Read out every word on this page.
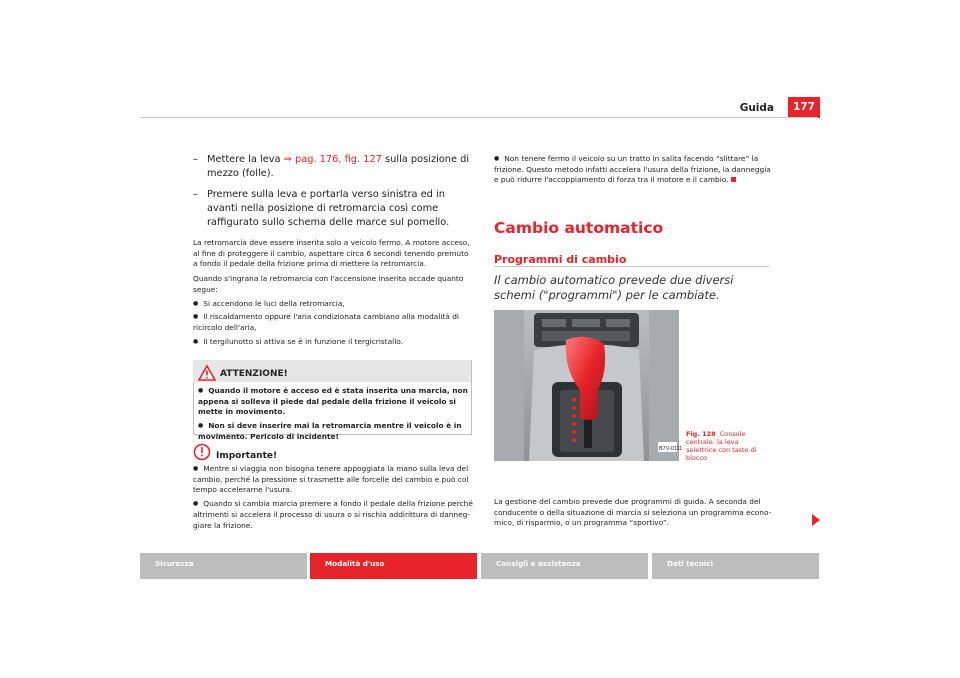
Guida	177
– Mettere la leva ⇒ pag. 176, fig. 127 sulla posizione di mezzo (folle).
La retromarcia deve essere inserita solo a veicolo fermo. A motore acceso, al fine di proteggere il cambio, aspettare circa 6 secondi tenendo premuto a fondo il pedale della frizione prima di mettere la retromarcia.
Quando s'ingrana la retromarcia con l'accensione inserita accade quanto segue:
● Si accendono le luci della retromarcia,
● Il riscaldamento oppure l'aria condizionata cambiano alla modalità di ricircolo dell'aria,
● Il tergilunotto si attiva se è in funzione il tergicristallo.
ATTENZIONE!
● Quando il motore è acceso ed è stata inserita una marcia, non appena si solleva il piede dal pedale della frizione il veicolo si mette in movimento.
● Non si deve inserire mai la retromarcia mentre il veicolo è in movimento. Pericolo di incidente!
Importante!
● Mentre si viaggia non bisogna tenere appoggiata la mano sulla leva del cambio, perché la pressione si trasmette alle forcelle del cambio e può col tempo accelerarne l'usura.
● Quando si cambia marcia premere a fondo il pedale della frizione perché altrimenti si accelera il processo di usura o si rischia addirittura di danneg-giare la frizione.
● Non tenere fermo il veicolo su un tratto in salita facendo “slittare” la frizione. Questo metodo infatti accelera l'usura della frizione, la danneggia e può ridurre l'accoppiamento di forza tra il motore e il cambio.
Cambio automatico
Programmi di cambio
Il cambio automatico prevede due diversi schemi ("programmi") per le cambiate.
B7V-0111
Fig. 128 Console centrale: la leva selettrice con tasto di blocco
La gestione del cambio prevede due programmi di guida. A seconda del conducente o della situazione di marcia si seleziona un programma econo-mico, di risparmio, o un programma “sportivo”.
Sicurezza	Modalità d'uso	Consigli e assistenza	Dati tecnici
– Premere sulla leva e portarla verso sinistra ed in avanti nella posizione di retromarcia così come raffigurato sullo schema delle marce sul pomello.
